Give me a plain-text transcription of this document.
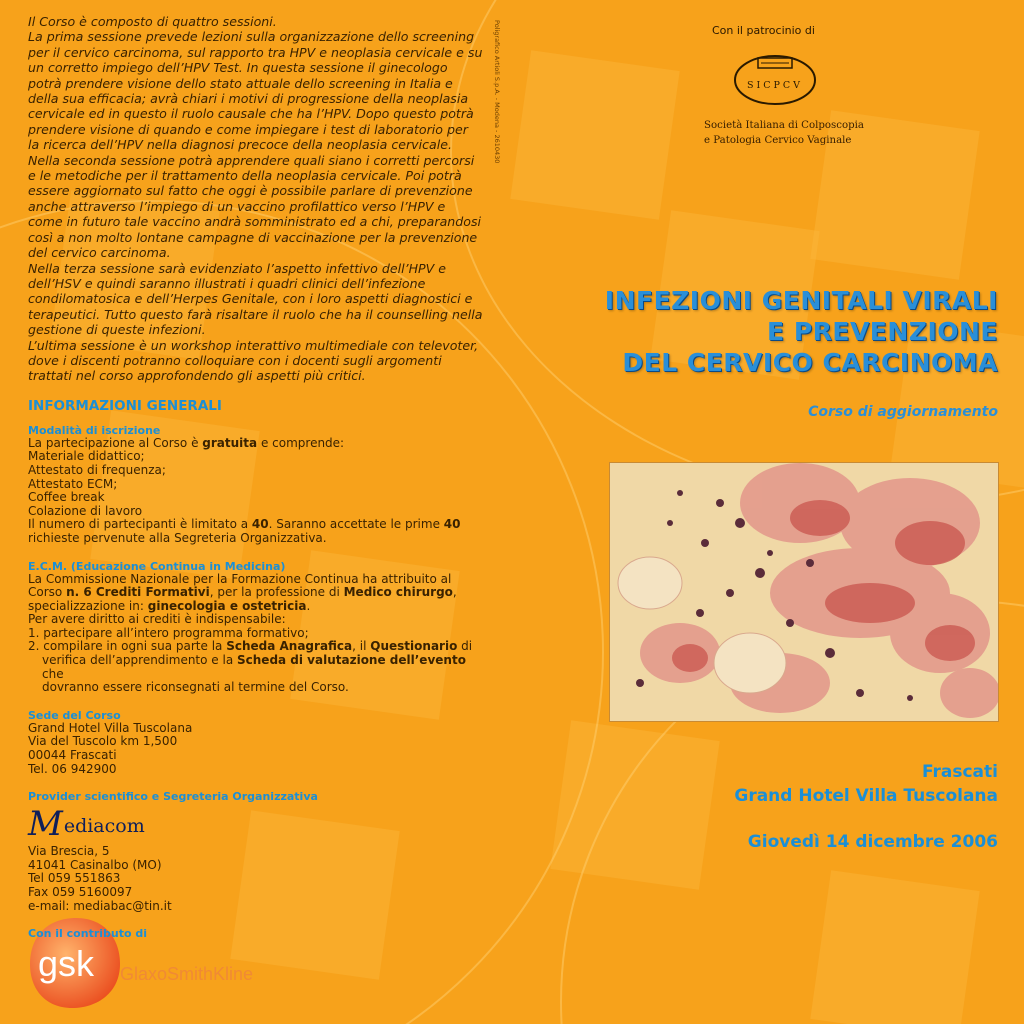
Il Corso è composto di quattro sessioni.

La prima sessione prevede lezioni sulla organizzazione dello screening per il cervico carcinoma, sul rapporto tra HPV e neoplasia cervicale e su un corretto impiego dell’HPV Test. In questa sessione il ginecologo potrà prendere visione dello stato attuale dello screening in Italia e della sua efficacia; avrà chiari i motivi di progressione della neoplasia cervicale ed in questo il ruolo causale che ha l’HPV. Dopo questo potrà prendere visione di quando e come impiegare i test di laboratorio per la ricerca dell’HPV nella diagnosi precoce della neoplasia cervicale.

Nella seconda sessione potrà apprendere quali siano i corretti percorsi e le metodiche per il trattamento della neoplasia cervicale. Poi potrà essere aggiornato sul fatto che oggi è possibile parlare di prevenzione anche attraverso l’impiego di un vaccino profilattico verso l’HPV e come in futuro tale vaccino andrà somministrato ed a chi, preparandosi così a non molto lontane campagne di vaccinazione per la prevenzione del cervico carcinoma.

Nella terza sessione sarà evidenziato l’aspetto infettivo dell’HPV e dell’HSV e quindi saranno illustrati i quadri clinici dell’infezione condilomatosica e dell’Herpes Genitale, con i loro aspetti diagnostici e terapeutici. Tutto questo farà risaltare il ruolo che ha il counselling nella gestione di queste infezioni.

L’ultima sessione è un workshop interattivo multimediale con televoter, dove i discenti potranno colloquiare con i docenti sugli argomenti trattati nel corso approfondendo gli aspetti più critici.

INFORMAZIONI GENERALI
Modalità di iscrizione
La partecipazione al Corso è gratuita e comprende:
Materiale didattico;
Attestato di frequenza;
Attestato ECM;
Coffee break
Colazione di lavoro
Il numero di partecipanti è limitato a 40. Saranno accettate le prime 40
richieste pervenute alla Segreteria Organizzativa.
E.C.M. (Educazione Continua in Medicina)
La Commissione Nazionale per la Formazione Continua ha attribuito al
Corso n. 6 Crediti Formativi, per la professione di Medico chirurgo,
specializzazione in: ginecologia e ostetricia.
Per avere diritto ai crediti è indispensabile:
1. partecipare all’intero programma formativo;
2. compilare in ogni sua parte la Scheda Anagrafica, il Questionario di
verifica dell’apprendimento e la Scheda di valutazione dell’evento che
dovranno essere riconsegnati al termine del Corso.
Sede del Corso
Grand Hotel Villa Tuscolana
Via del Tuscolo km 1,500
00044 Frascati
Tel. 06 942900
Provider scientifico e Segreteria Organizzativa
M ediacom
Via Brescia, 5
41041 Casinalbo (MO)
Tel 059 551863
Fax 059 5160097
e-mail: mediabac@tin.it
Con il contributo di
gsk GlaxoSmithKline
Poligrafico Artioli S.p.A. - Modena - 2610430	Con il patrocinio di
SICPCV
Società Italiana di Colposcopia
e Patologia Cervico Vaginale
INFEZIONI GENITALI VIRALI
E PREVENZIONE
DEL CERVICO CARCINOMA
Corso di aggiornamento
Frascati
Grand Hotel Villa Tuscolana
Giovedì 14 dicembre 2006
